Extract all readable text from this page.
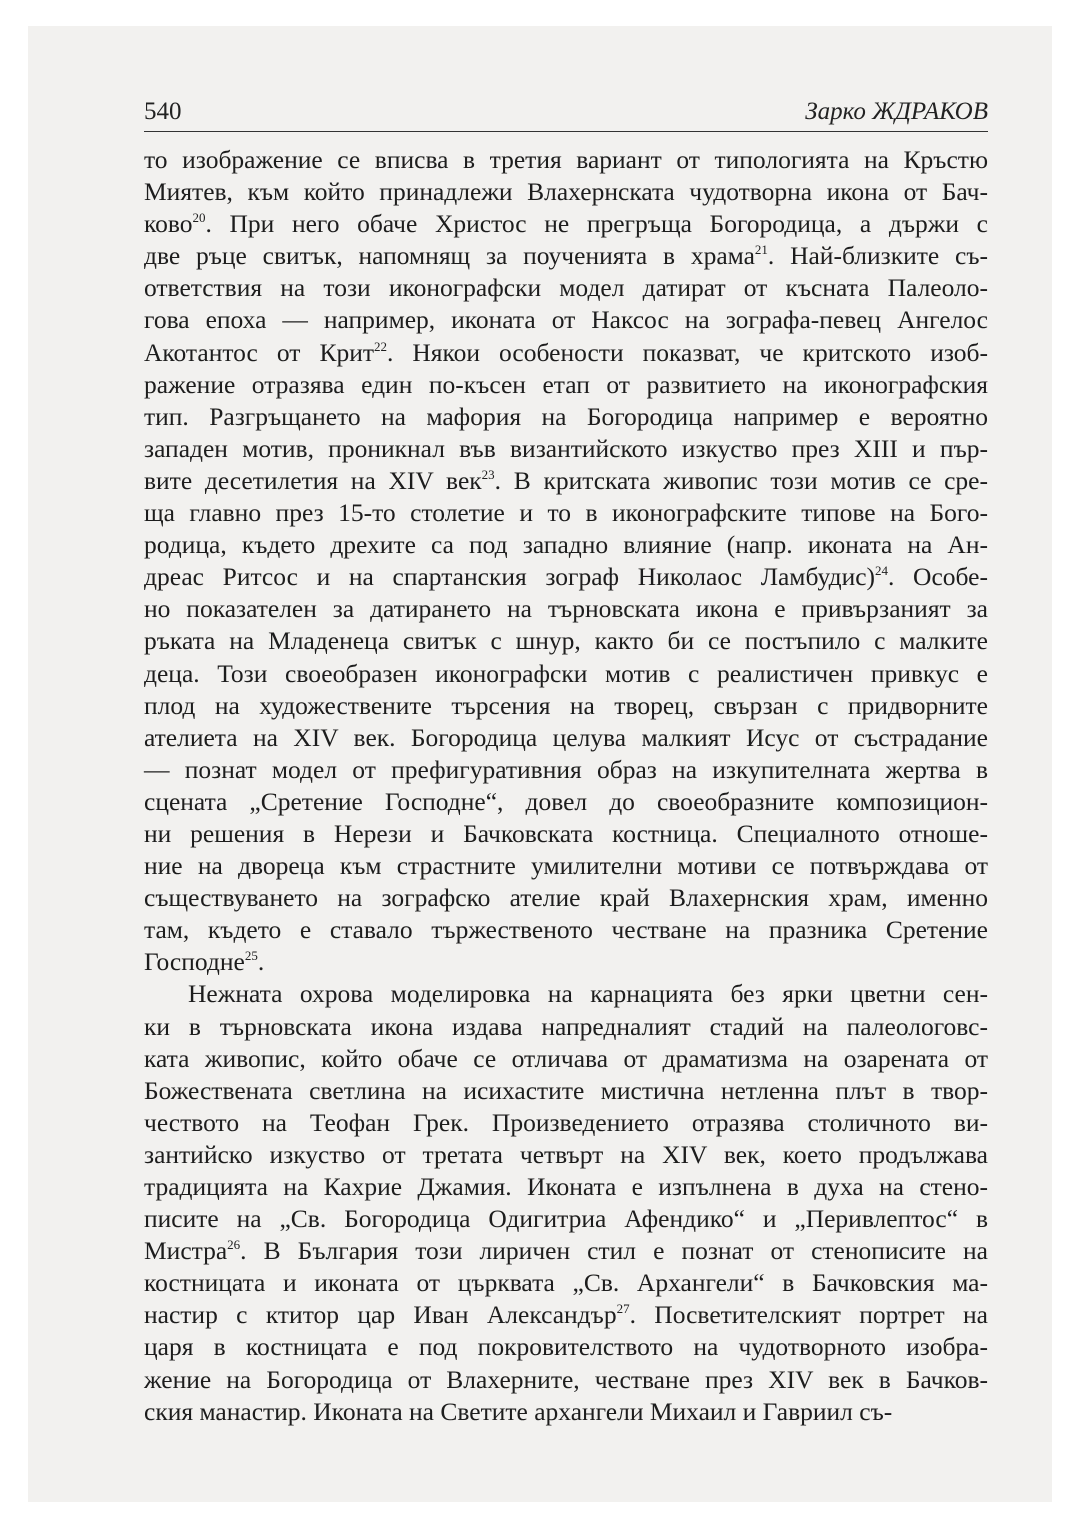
540	Зарко ЖДРАКОВ
то изображение се вписва в третия вариант от типологията на Кръстю
Миятев, към който принадлежи Влахернската чудотворна икона от Бач-
ково$^{20}$. При него обаче Христос не прегръща Богородица, а държи с
две ръце свитък, напомнящ за поученията в храма$^{21}$. Най-близките съ-
ответствия на този иконографски модел датират от късната Палеоло-
гова епоха — например, иконата от Наксос на зографа-певец Ангелос
Акотантос от Крит$^{22}$. Някои особености показват, че критското изоб-
ражение отразява един по-късен етап от развитието на иконографския
тип. Разгръщането на мафория на Богородица например е вероятно
западен мотив, проникнал във византийското изкуство през XIII и пър-
вите десетилетия на XIV век$^{23}$. В критската живопис този мотив се сре-
ща главно през 15-то столетие и то в иконографските типове на Бого-
родица, където дрехите са под западно влияние (напр. иконата на Ан-
дреас Ритсос и на спартанския зограф Николаос Ламбудис)$^{24}$. Особе-
но показателен за датирането на търновската икона е привързаният за
ръката на Младенеца свитък с шнур, както би се постъпило с малките
деца. Този своеобразен иконографски мотив с реалистичен привкус е
плод на художествените търсения на творец, свързан с придворните
ателиета на XIV век. Богородица целува малкият Исус от състрадание
— познат модел от префигуративния образ на изкупителната жертва в
сцената „Сретение Господне“, довел до своеобразните композицион-
ни решения в Нерези и Бачковската костница. Специалното отноше-
ние на двореца към страстните умилителни мотиви се потвърждава от
съществуването на зографско ателие край Влахернския храм, именно
там, където е ставало тържественото честване на празника Сретение
Господне$^{25}$.
Нежната охрова моделировка на карнацията без ярки цветни сен-
ки в търновската икона издава напредналият стадий на палеологовс-
ката живопис, който обаче се отличава от драматизма на озарената от
Божествената светлина на исихастите мистична нетленна плът в твор-
чеството на Теофан Грек. Произведението отразява столичното ви-
зантийско изкуство от третата четвърт на XIV век, което продължава
традицията на Кахрие Джамия. Иконата е изпълнена в духа на стено-
писите на „Св. Богородица Одигитриа Афендико“ и „Перивлептос“ в
Мистра$^{26}$. В България този лиричен стил е познат от стенописите на
костницата и иконата от църквата „Св. Архангели“ в Бачковския ма-
настир с ктитор цар Иван Александър$^{27}$. Посветителският портрет на
царя в костницата е под покровителството на чудотворното изобра-
жение на Богородица от Влахерните, честване през XIV век в Бачков-
ския манастир. Иконата на Светите архангели Михаил и Гавриил съ-
